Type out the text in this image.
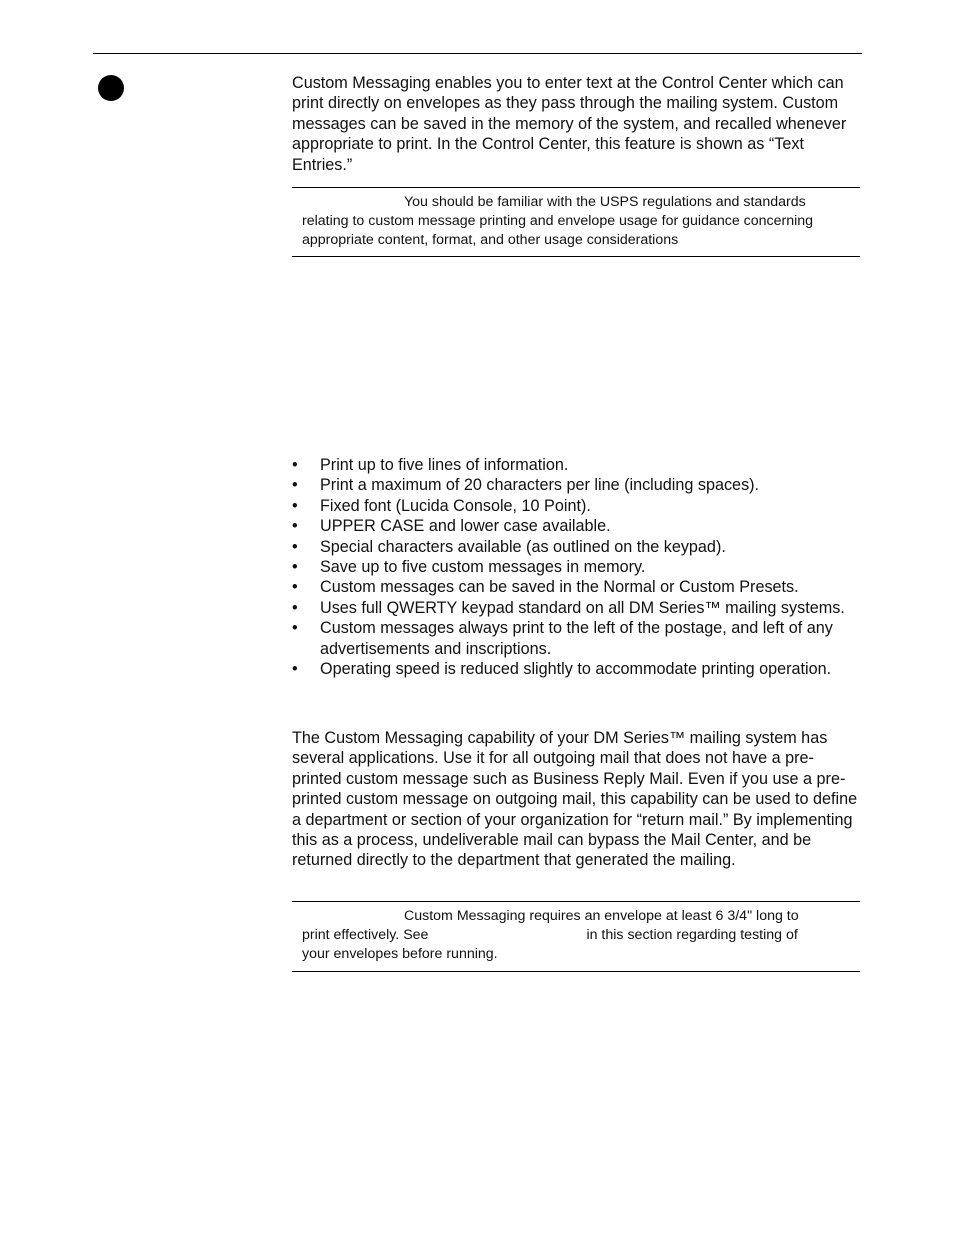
Custom Messaging enables you to enter text at the Control Center which can print directly on envelopes as they pass through the mailing system. Custom messages can be saved in the memory of the system, and recalled whenever appropriate to print. In the Control Center, this feature is shown as “Text Entries.”

You should be familiar with the USPS regulations and standards
relating to custom message printing and envelope usage for guidance concerning appropriate content, format, and other usage considerations
• Print up to five lines of information.
• Print a maximum of 20 characters per line (including spaces).
• Fixed font (Lucida Console, 10 Point).
• UPPER CASE and lower case available.
• Special characters available (as outlined on the keypad).
• Save up to five custom messages in memory.
• Custom messages can be saved in the Normal or Custom Presets.
• Uses full QWERTY keypad standard on all DM Series™ mailing systems.
• Custom messages always print to the left of the postage, and left of any advertisements and inscriptions.
• Operating speed is reduced slightly to accommodate printing operation.

The Custom Messaging capability of your DM Series™ mailing system has several applications. Use it for all outgoing mail that does not have a pre-printed custom message such as Business Reply Mail. Even if you use a pre-printed custom message on outgoing mail, this capability can be used to define a department or section of your organization for “return mail.” By implementing this as a process, undeliverable mail can bypass the Mail Center, and be returned directly to the department that generated the mailing.

Custom Messaging requires an envelope at least 6 3/4" long to
print effectively. See	in this section regarding testing of
your envelopes before running.
